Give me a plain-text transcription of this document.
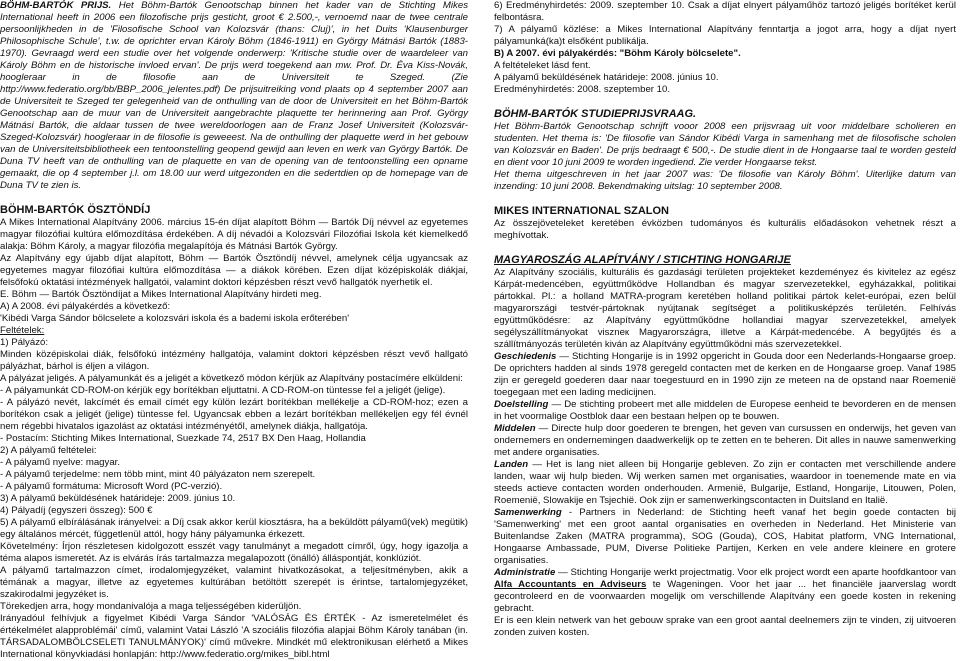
BÖHM-BARTÓK PRIJS. Het Böhm-Bartók Genootschap binnen het kader van de Stichting Mikes International heeft in 2006 een filozofische prijs gesticht, groot € 2.500,-, vernoemd naar de twee centrale persoonlijkheden in de 'Filosofische School van Kolozsvár (thans: Cluj)', in het Duits 'Klausenburger Philosophische Schule', t.w. de oprichter ervan Károly Böhm (1846-1911) en György Mátnási Bartók (1883-1970). Gevraagd werd een studie over het volgende onderwerp: 'Kritische studie over de waardeleer van Károly Böhm en de historische invloed ervan'. De prijs werd toegekend aan mw. Prof. Dr. Éva Kiss-Novák, hoogleraar in de filosofie aan de Universiteit te Szeged. (Zie http://www.federatio.org/bb/BBP_2006_jelentes.pdf) De prijsuitreiking vond plaats op 4 september 2007 aan de Universiteit te Szeged ter gelegenheid van de onthulling van de door de Universiteit en het Böhm-Bartók Genootschap aan de muur van de Universiteit aangebrachte plaquette ter herinnering aan Prof. György Mátnási Bartók, die aldaar tussen de twee wereldoorlogen aan de Franz Josef Universiteit (Kolozsvár-Szeged-Kolozsvár) hoogleraar in de filosofie is geweeest. Na de onthulling der plaquette werd in het gebouw van de Universiteitsbibliotheek een tentoonstelling geopend gewijd aan leven en werk van György Bartók. De Duna TV heeft van de onthulling van de plaquette en van de opening van de tentoonstelling een opname gemaakt, die op 4 september j.l. om 18.00 uur werd uitgezonden en die sedertdien op de homepage van de Duna TV te zien is.

BÖHM-BARTÓK ÖSZTÖNDÍJ

A Mikes International Alapítvány 2006. március 15-én díjat alapított Böhm — Bartók Díj névvel az egyetemes magyar filozófiai kultúra előmozdítása érdekében. A díj névadói a Kolozsvári Filozófiai Iskola két kiemelkedő alakja: Böhm Károly, a magyar filozófia megalapítója és Mátnási Bartók György.

Az Alapítvány egy újabb díjat alapított, Böhm — Bartók Ösztöndíj névvel, amelynek célja ugyancsak az egyetemes magyar filozófiai kultúra előmozdítása — a diákok körében. Ezen díjat középiskolák diákjai, felsőfokú oktatási intézmények hallgatói, valamint doktori képzésben részt vevő hallgatók nyerhetik el.

E. Böhm — Bartók Ösztöndíjat a Mikes International Alapítvány hirdeti meg.

A) A 2008. évi pályakérdés a következő:

'Kibédi Varga Sándor bölcselete a kolozsvári iskola és a bademi iskola erőterében'

Feltételek:

1) Pályázó:

Minden középiskolai diák, felsőfokú intézmény hallgatója, valamint doktori képzésben részt vevő hallgató pályázhat, bárhol is éljen a világon.

A pályázat jeligés. A pályamunkát és a jeligét a következő módon kérjük az Alapítvány postacímére elküldeni:

- A pályamunkát CD-ROM-on kérjük egy borítékban eljuttatni. A CD-ROM-on tüntesse fel a jeligét (jelige).

- A pályázó nevét, lakcímét és email címét egy külön lezárt borítékban mellékelje a CD-ROM-hoz; ezen a borítékon csak a jeligét (jelige) tüntesse fel. Ugyancsak ebben a lezárt borítékban mellékeljen egy fél évnél nem régebbi hivatalos igazolást az oktatási intézményétől, amelynek diákja, hallgatója.

- Postacím: Stichting Mikes International, Suezkade 74, 2517 BX Den Haag, Hollandia

2) A pályamű feltételei:

- A pályamű nyelve: magyar.

- A pályamű terjedelme: nem több mint, mint 40 pályázaton nem szerepelt.

- A pályamű formátuma: Microsoft Word (PC-verzió).

3) A pályamű beküldésének határideje: 2009. június 10.

4) Pályadíj (egyszeri összeg): 500 €

5) A pályamű elbírálásának irányelvei: a Díj csak akkor kerül kiosztásra, ha a beküldött pályamű(vek) megütik) egy általános mércét, függetlenül attól, hogy hány pályamunka érkezett.

Követelmény: Írjon részletesen kidolgozott esszét vagy tanulmányt a megadott címről, úgy, hogy igazolja a téma alapos ismeretét. Az is elvárás írás tartalmazza megalapozott (önálló) álláspontját, konklúziót.

A pályamű tartalmazzon címet, irodalomjegyzéket, valamint hivatkozásokat, a teljesítményben, akik a témának a magyar, illetve az egyetemes kultúrában betöltött szerepét is érintse, tartalomjegyzéket, szakirodalmi jegyzéket is.

Törekedjen arra, hogy mondanivalója a maga teljességében kiderüljön.

Irányadóul felhívjuk a figyelmet Kibédi Varga Sándor 'VALÓSÁG ÉS ÉRTÉK - Az ismeretelmélet és értékelmélet alapproblémái' című, valamint Vatai László 'A szociális filozófia alapjai Böhm Károly tanában (in. TÁRSADALOMBÖLCSELETI TANULMÁNYOK)' című művekre. Mindkét mű elektronikusan elérhető a Mikes International könyvkiadási honlapján: http://www.federatio.org/mikes_bibl.html

6) Eredményhirdetés: 2009. szeptember 10. Csak a díjat elnyert pályaműhöz tartozó jeligés borítéket kerül felbontásra.

7) A pályamű közlése: a Mikes International Alapítvány fenntartja a jogot arra, hogy a díjat nyert pályamunká(ka)t elsőként publikálja.

B) A 2007. évi pályakérdés: "Böhm Károly bölcselete".

A feltételeket lásd fent.

A pályamű beküldésének határideje: 2008. június 10.

Eredményhirdetés: 2008. szeptember 10.

BÖHM-BARTÓK STUDIEPRIJSVRAAG.

Het Böhm-Bartók Genootschap schrijft vooor 2008 een prijsvraag uit voor middelbare scholieren en studenten. Het thema is: 'De filosofie van Sándor Kibédi Varga in samenhang met de filosofische scholen van Kolozsvár en Baden'. De prijs bedraagt € 500,-. De studie dient in de Hongaarse taal te worden gesteld en dient voor 10 juni 2009 te worden ingediend. Zie verder Hongaarse tekst.

Het thema uitgeschreven in het jaar 2007 was: 'De filosofie van Károly Böhm'. Uiterlijke datum van inzending: 10 juni 2008. Bekendmaking uitslag: 10 september 2008.

MIKES INTERNATIONAL SZALON

Az összejöveteleket keretében évközben tudományos és kulturális előadásokon vehetnek részt a meghívottak.

MAGYAROSZÁG ALAPÍTVÁNY / STICHTING HONGARIJE

Az Alapítvány szociális, kulturális és gazdasági területen projekteket kezdeményez és kivitelez az egész Kárpát-medencében, együttműködve Hollandban és magyar szervezetekkel, egyházakkal, politikai pártokkal. Pl.: a holland MATRA-program keretében holland politikai pártok kelet-európai, ezen belül magyarországi testvér-pártoknak nyújtanak segítséget a politikusképzés területén. Felhívás együttműködésre: az Alapítvány együttműködne hollandiai magyar szervezetekkel, amelyek segélyszállítmányokat viszneк Magyarországra, illetve a Kárpát-medencébe. A begyűjtés és a szállítmányozás területén kiván az Alapítvány együttműködni más szervezetekkel.

Geschiedenis — Stichting Hongarije is in 1992 opgericht in Gouda door een Nederlands-Hongaarse groep. De oprichters hadden al sinds 1978 geregeld contacten met de kerken en de Hongaarse groep. Vanaf 1985 zijn er geregeld goederen daar naar toegestuurd en in 1990 zijn ze meteen na de opstand naar Roemenië toegegaan met een lading medicijnen.

Doelstelling — De stichting probeert met alle middelen de Europese eenheid te bevorderen en de mensen in het voormalige Oostblok daar een bestaan helpen op te bouwen.

Middelen — Directe hulp door goederen te brengen, het geven van cursussen en onderwijs, het geven van ondernemers en ondernemingen daadwerkelijk op te zetten en te beheren. Dit alles in nauwe samenwerking met andere organisaties.

Landen — Het is lang niet alleen bij Hongarije gebleven. Zo zijn er contacten met verschillende andere landen, waar wij hulp bieden. Wij werken samen met organisaties, waardoor in toenemende mate en via steeds actieve contacten worden onderhouden. Armenië, Bulgarije, Estland, Hongarije, Litouwen, Polen, Roemenië, Slowakije en Tsjechië. Ook zijn er samenwerkingscontacten in Duitsland en Italië.

Samenwerking - Partners in Nederland: de Stichting heeft vanaf het begin goede contacten bij 'Samenwerking' met een groot aantal organisaties en overheden in Nederland. Het Ministerie van Buitenlandse Zaken (MATRA programma), SOG (Gouda), COS, Habitat platform, VNG International, Hongaarse Ambassade, PUM, Diverse Politieke Partijen, Kerken en vele andere kleinere en grotere organisaties.

Administratie — Stichting Hongarije werkt projectmatig. Voor elk project wordt een aparte hoofdkantoor van Alfa Accountants en Adviseurs te Wageningen. Voor het jaar ... het financiële jaarverslag wordt gecontroleerd en de voorwaarden mogelijk om verschillende Alapítvány een goede kosten in rekening gebracht.

Er is een klein netwerk van het gebouw sprake van een groot aantal deelnemers zijn te vinden, zij uitvoeren zonden zuiven kosten.
